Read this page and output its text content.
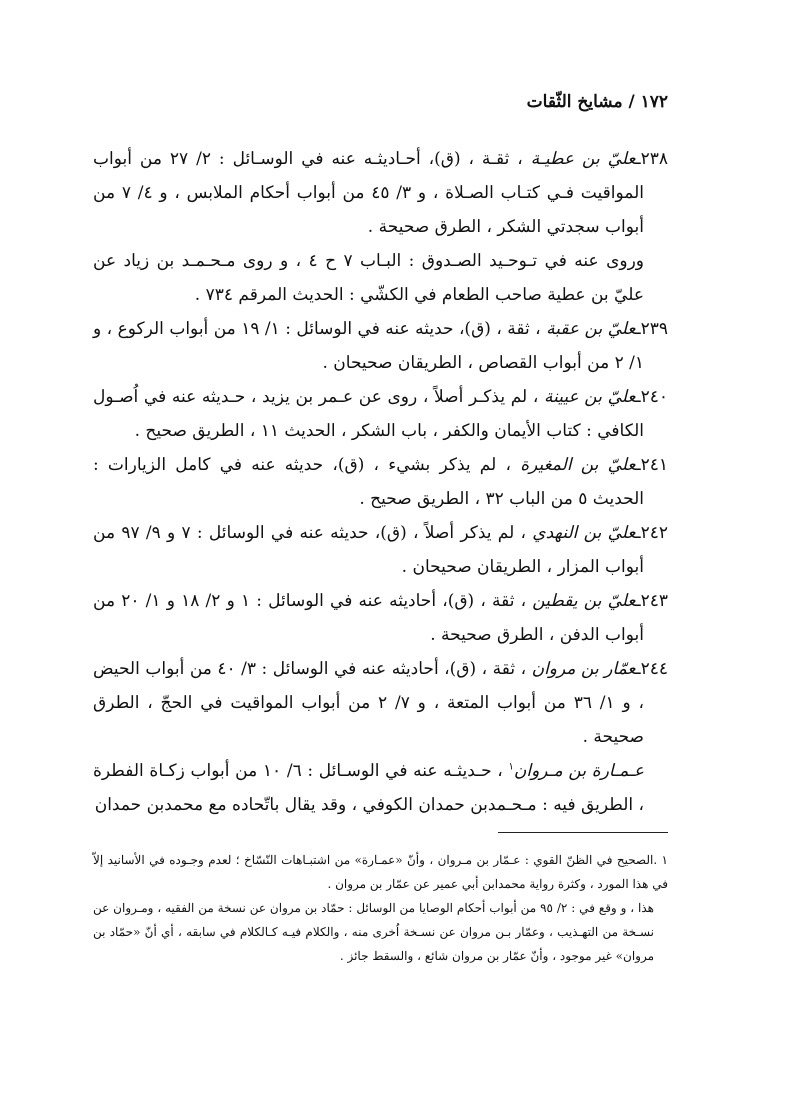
١٧٢ / مشايخ الثّقات

٢٣٨ـعليّ بن عطيـة ، ثقـة ، (ق)، أحـاديثـه عنه في الوسـائل : ٢/ ٢٧ من أبواب المواقيت فـي كتـاب الصـلاة ، و ٣/ ٤٥ من أبواب أحكام الملابس ، و ٤/ ٧ من أبواب سجدتي الشكر ، الطرق صحيحة .

وروى عنه في تـوحـيد الصـدوق : البـاب ٧ ح ٤ ، و روى مـحـمـد بن زياد عن عليّ بن عطية صاحب الطعام في الكشّي : الحديث المرقم ٧٣٤ .

٢٣٩ـعليّ بن عقبة ، ثقة ، (ق)، حديثه عنه في الوسائل : ١/ ١٩ من أبواب الركوع ، و ١/ ٢ من أبواب القصاص ، الطريقان صحيحان .

٢٤٠ـعليّ بن عيينة ، لم يذكـر أصلاً ، روى عن عـمر بن يزيد ، حـديثه عنه في اُصـول الكافي : كتاب الأيمان والكفر ، باب الشكر ، الحديث ١١ ، الطريق صحيح .

٢٤١ـعليّ بن المغيرة ، لم يذكر بشيء ، (ق)، حديثه عنه في كامل الزيارات : الحديث ٥ من الباب ٣٢ ، الطريق صحيح .

٢٤٢ـعليّ بن النهدي ، لم يذكر أصلاً ، (ق)، حديثه عنه في الوسائل : ٧ و ٩/ ٩٧ من أبواب المزار ، الطريقان صحيحان .

٢٤٣ـعليّ بن يقطين ، ثقة ، (ق)، أحاديثه عنه في الوسائل : ١ و ٢/ ١٨ و ١/ ٢٠ من أبواب الدفن ، الطرق صحيحة .

٢٤٤ـعمّار بن مروان ، ثقة ، (ق)، أحاديثه عنه في الوسائل : ٣/ ٤٠ من أبواب الحيض ، و ١/ ٣٦ من أبواب المتعة ، و ٧/ ٢ من أبواب المواقيت في الحجّ ، الطرق صحيحة .

عـمـارة بن مـروان$^١$ ، حـديثـه عنه في الوسـائل : ٦/ ١٠ من أبواب زكـاة الفطرة ، الطريق فيه : مـحـمدبن حمدان الكوفي ، وقد يقال باتّحاده مع محمدبن حمدان

١ .الصحيح في الظنّ القوي : عـمّار بن مـروان ، وأنّ «عمـارة» من اشتبـاهات النّسّاخ ؛ لعدم وجـوده في الأسانيد إلاّ في هذا المورد ، وكثرة رواية محمدابن أبي عمير عن عمّار بن مروان .

هذا ، و وقع في : ٢/ ٩٥ من أبواب أحكام الوصايا من الوسائل : حمّاد بن مروان عن نسخة من الفقيه ، ومـروان عن نسـخة من التهـذيب ، وعمّار بـن مروان عن نسـخة اُخرى منه ، والكلام فيـه كـالكلام في سابقه ، أي أنّ «حمّاد بن مروان» غير موجود ، وأنّ عمّار بن مروان شائع ، والسقط جائز .
